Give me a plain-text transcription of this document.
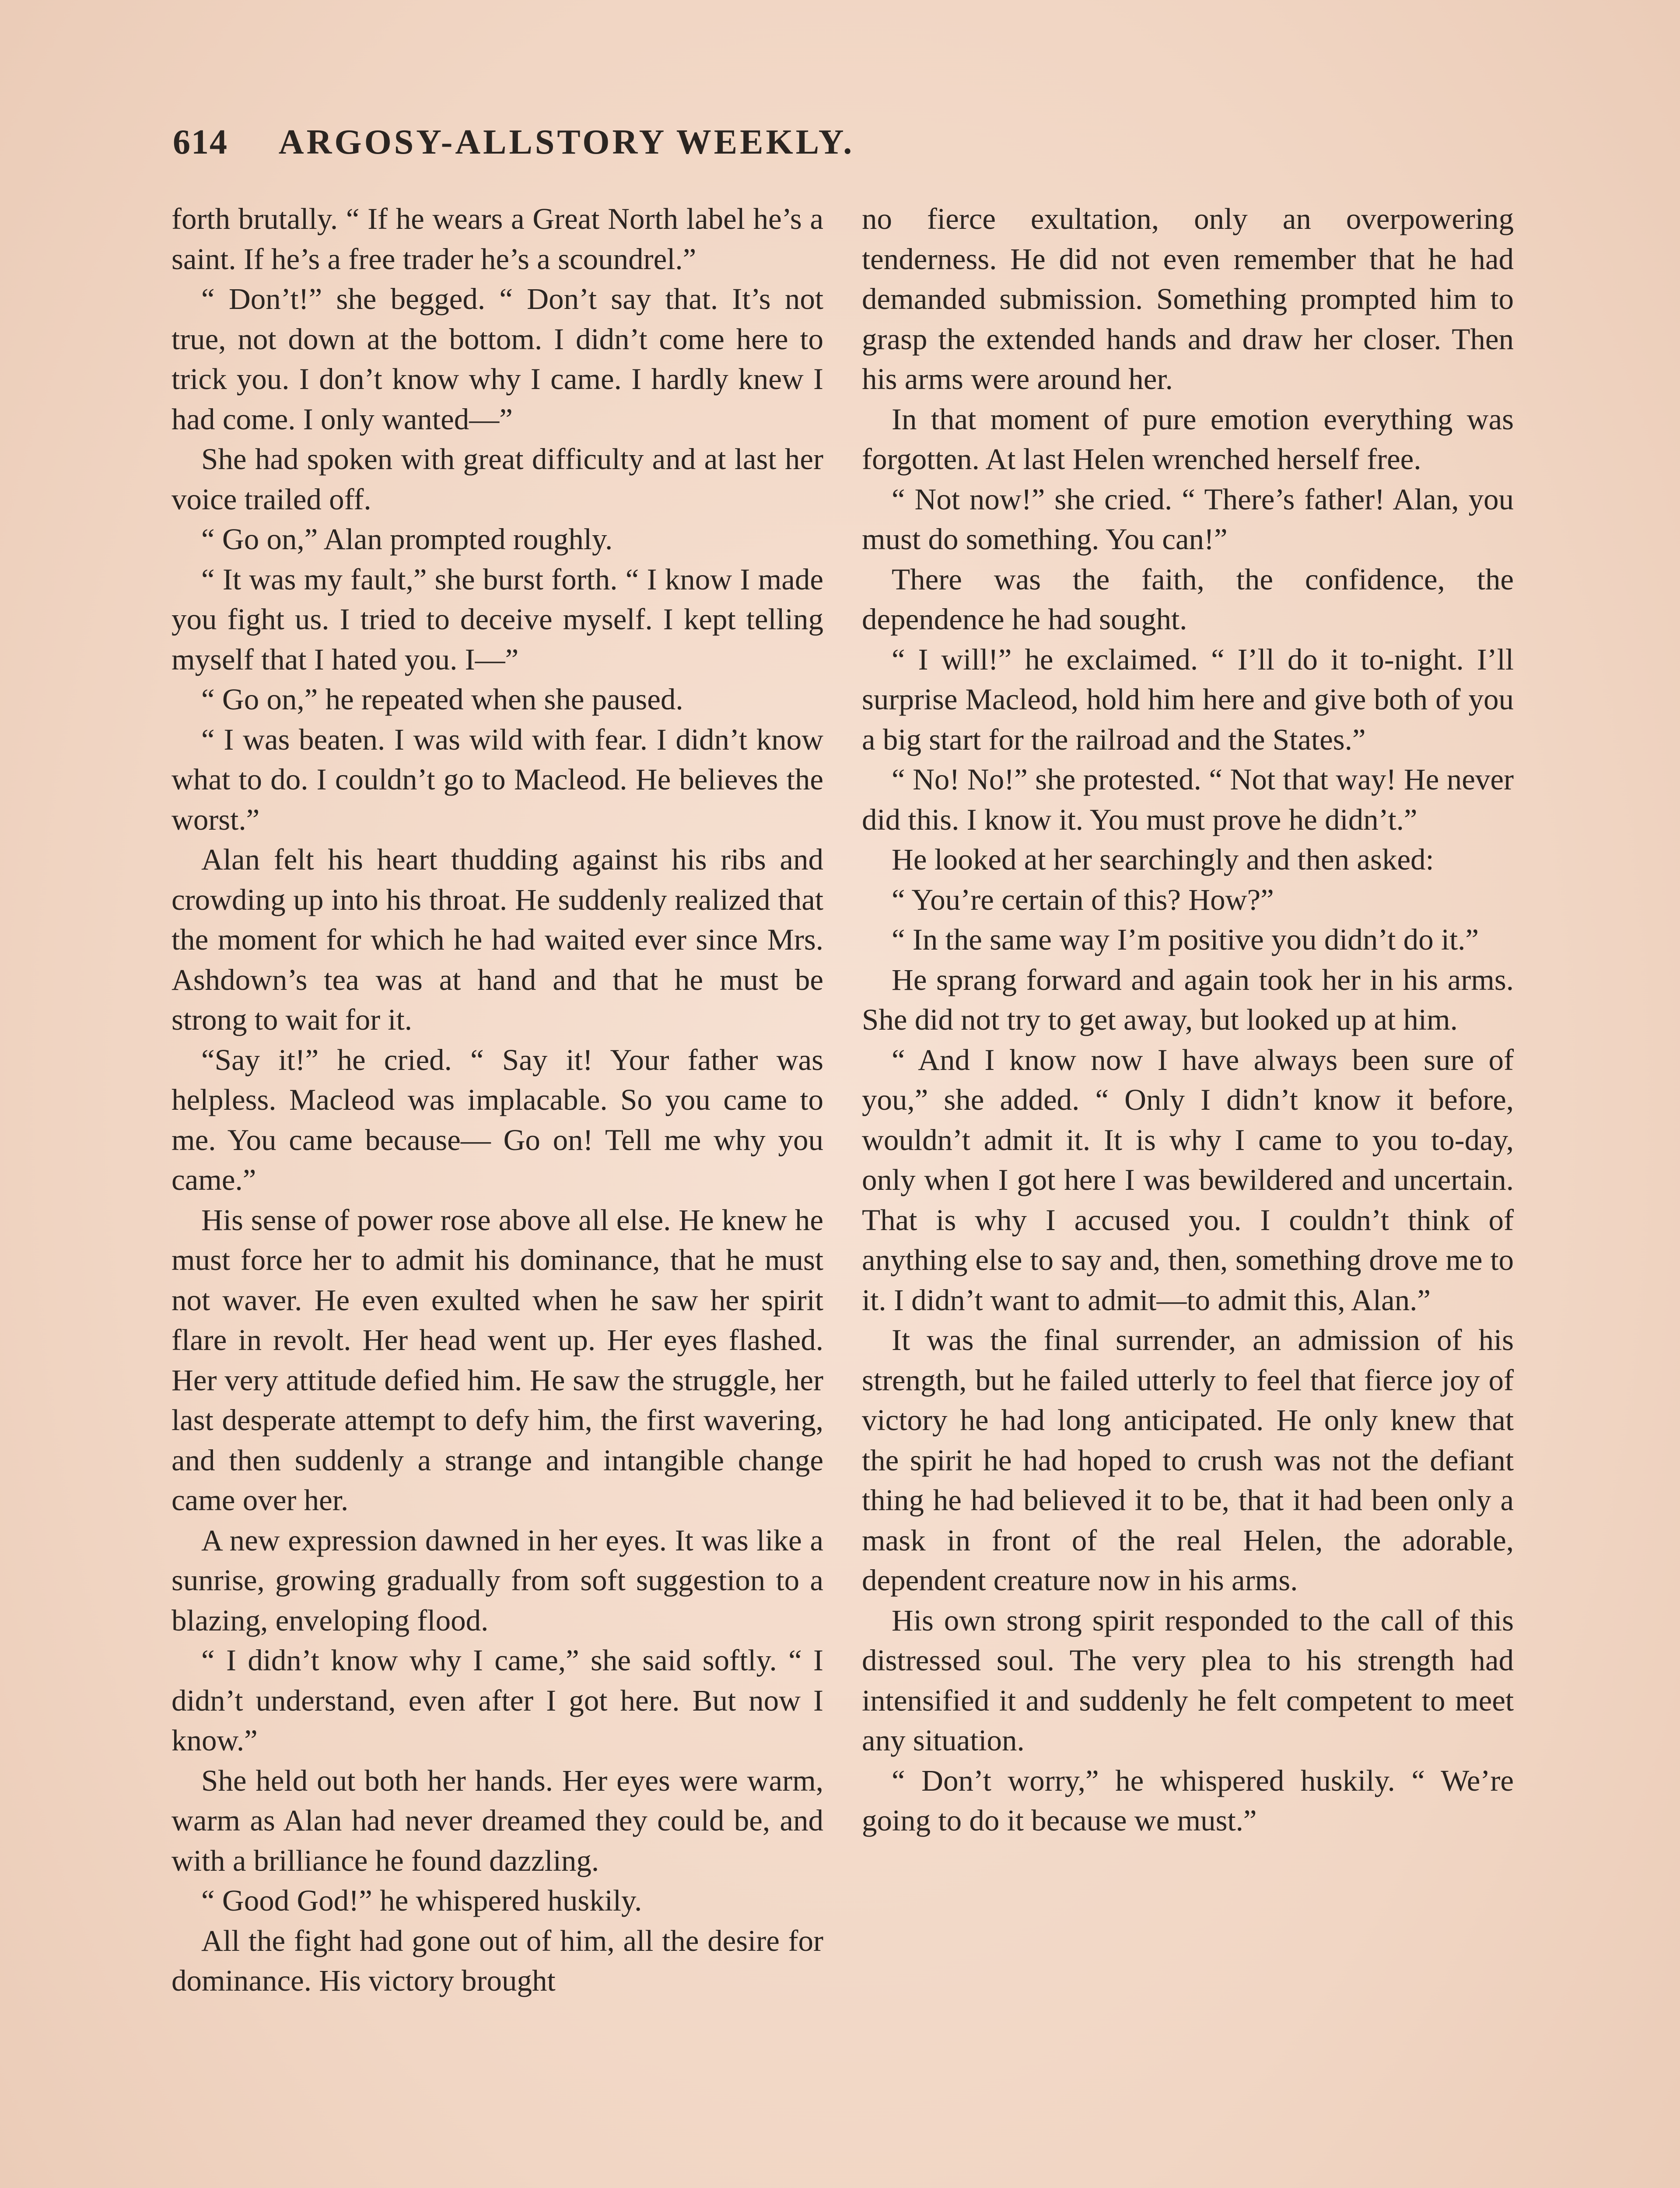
614 ARGOSY-ALLSTORY WEEKLY.

forth brutally. “ If he wears a Great North label he’s a saint. If he’s a free trader he’s a scoundrel.”

“ Don’t!” she begged. “ Don’t say that. It’s not true, not down at the bottom. I didn’t come here to trick you. I don’t know why I came. I hardly knew I had come. I only wanted—”

She had spoken with great difficulty and at last her voice trailed off.

“ Go on,” Alan prompted roughly.

“ It was my fault,” she burst forth. “ I know I made you fight us. I tried to deceive myself. I kept telling myself that I hated you. I—”

“ Go on,” he repeated when she paused.

“ I was beaten. I was wild with fear. I didn’t know what to do. I couldn’t go to Macleod. He believes the worst.”

Alan felt his heart thudding against his ribs and crowding up into his throat. He suddenly realized that the moment for which he had waited ever since Mrs. Ashdown’s tea was at hand and that he must be strong to wait for it.

“Say it!” he cried. “ Say it! Your father was helpless. Macleod was implacable. So you came to me. You came because— Go on! Tell me why you came.”

His sense of power rose above all else. He knew he must force her to admit his dominance, that he must not waver. He even exulted when he saw her spirit flare in revolt. Her head went up. Her eyes flashed. Her very attitude defied him. He saw the struggle, her last desperate attempt to defy him, the first wavering, and then suddenly a strange and intangible change came over her.

A new expression dawned in her eyes. It was like a sunrise, growing gradually from soft suggestion to a blazing, enveloping flood.

“ I didn’t know why I came,” she said softly. “ I didn’t understand, even after I got here. But now I know.”

She held out both her hands. Her eyes were warm, warm as Alan had never dreamed they could be, and with a brilliance he found dazzling.

“ Good God!” he whispered huskily.

All the fight had gone out of him, all the desire for dominance. His victory brought

no fierce exultation, only an overpowering tenderness. He did not even remember that he had demanded submission. Something prompted him to grasp the extended hands and draw her closer. Then his arms were around her.

In that moment of pure emotion everything was forgotten. At last Helen wrenched herself free.

“ Not now!” she cried. “ There’s father! Alan, you must do something. You can!”

There was the faith, the confidence, the dependence he had sought.

“ I will!” he exclaimed. “ I’ll do it to-night. I’ll surprise Macleod, hold him here and give both of you a big start for the railroad and the States.”

“ No! No!” she protested. “ Not that way! He never did this. I know it. You must prove he didn’t.”

He looked at her searchingly and then asked:

“ You’re certain of this? How?”

“ In the same way I’m positive you didn’t do it.”

He sprang forward and again took her in his arms. She did not try to get away, but looked up at him.

“ And I know now I have always been sure of you,” she added. “ Only I didn’t know it before, wouldn’t admit it. It is why I came to you to-day, only when I got here I was bewildered and uncertain. That is why I accused you. I couldn’t think of anything else to say and, then, something drove me to it. I didn’t want to admit—to admit this, Alan.”

It was the final surrender, an admission of his strength, but he failed utterly to feel that fierce joy of victory he had long anticipated. He only knew that the spirit he had hoped to crush was not the defiant thing he had believed it to be, that it had been only a mask in front of the real Helen, the adorable, dependent creature now in his arms.

His own strong spirit responded to the call of this distressed soul. The very plea to his strength had intensified it and suddenly he felt competent to meet any situation.

“ Don’t worry,” he whispered huskily. “ We’re going to do it because we must.”
